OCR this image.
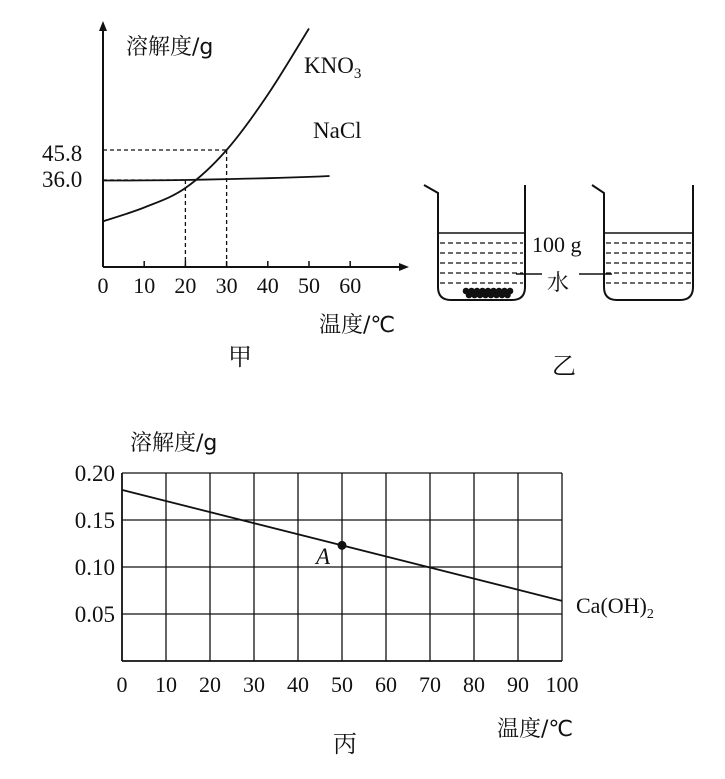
0 10 20 30 40 50 60
溶解度/g
45.8
36.0
温度/℃
$KNO_3$
NaCl
甲
100 g
水
乙
溶解度/g
0.05
0.10
0.15
0.20
0 10 20 30 40 50 60 70 80 90 100
A
$Ca(OH)_2$
温度/℃
丙
